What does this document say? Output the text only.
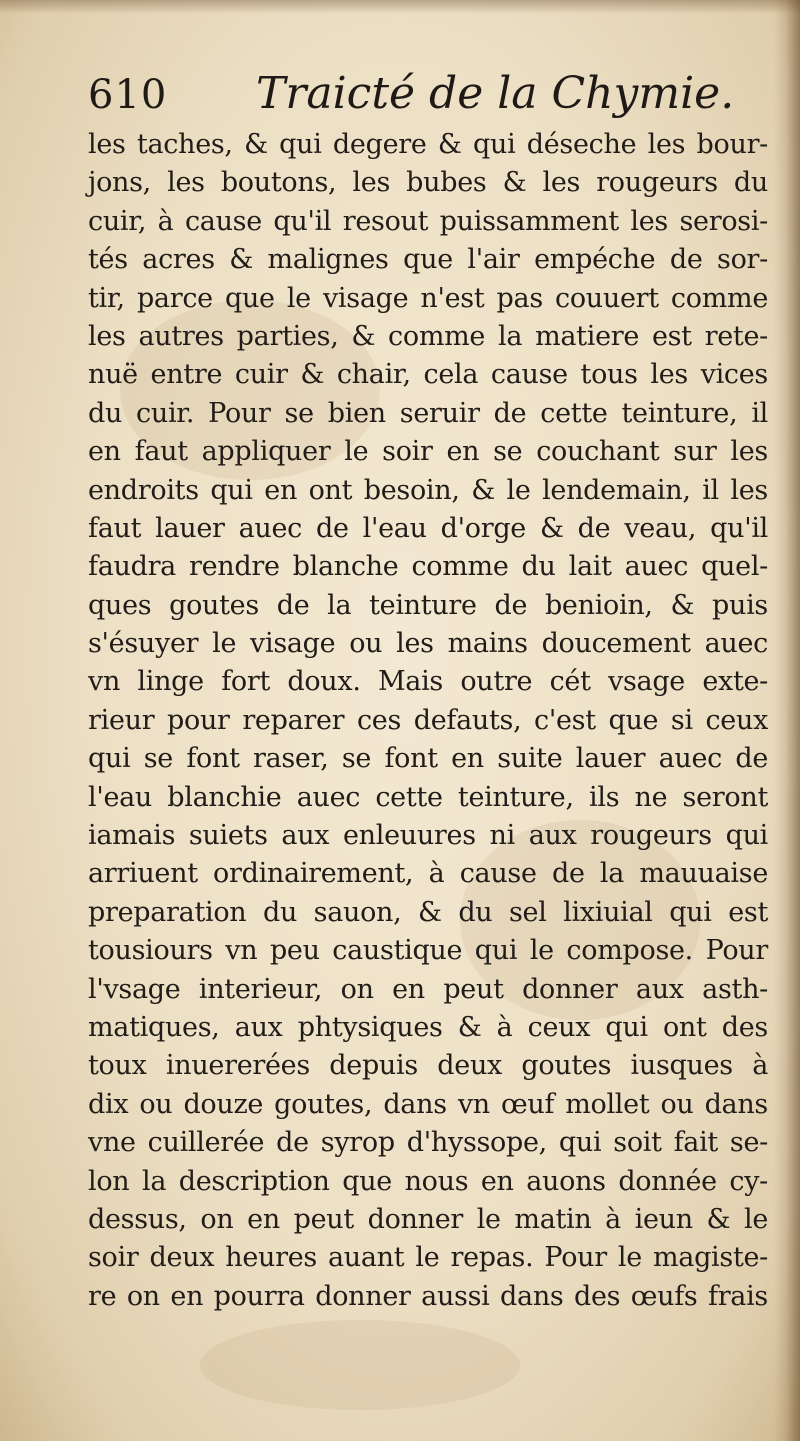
610 Traicté de la Chymie.
les taches, & qui degere & qui déseche les bour-
jons, les boutons, les bubes & les rougeurs du
cuir, à cause qu'il resout puissamment les serosi-
tés acres & malignes que l'air empéche de sor-
tir, parce que le visage n'est pas couuert comme
les autres parties, & comme la matiere est rete-
nuë entre cuir & chair, cela cause tous les vices
du cuir. Pour se bien seruir de cette teinture, il
en faut appliquer le soir en se couchant sur les
endroits qui en ont besoin, & le lendemain, il les
faut lauer auec de l'eau d'orge & de veau, qu'il
faudra rendre blanche comme du lait auec quel-
ques goutes de la teinture de benioin, & puis
s'ésuyer le visage ou les mains doucement auec
vn linge fort doux. Mais outre cét vsage exte-
rieur pour reparer ces defauts, c'est que si ceux
qui se font raser, se font en suite lauer auec de
l'eau blanchie auec cette teinture, ils ne seront
iamais suiets aux enleuures ni aux rougeurs qui
arriuent ordinairement, à cause de la mauuaise
preparation du sauon, & du sel lixiuial qui est
tousiours vn peu caustique qui le compose. Pour
l'vsage interieur, on en peut donner aux asth-
matiques, aux phtysiques & à ceux qui ont des
toux inuererées depuis deux goutes iusques à
dix ou douze goutes, dans vn œuf mollet ou dans
vne cuillerée de syrop d'hyssope, qui soit fait se-
lon la description que nous en auons donnée cy-
dessus, on en peut donner le matin à ieun & le
soir deux heures auant le repas. Pour le magiste-
re on en pourra donner aussi dans des œufs frais
